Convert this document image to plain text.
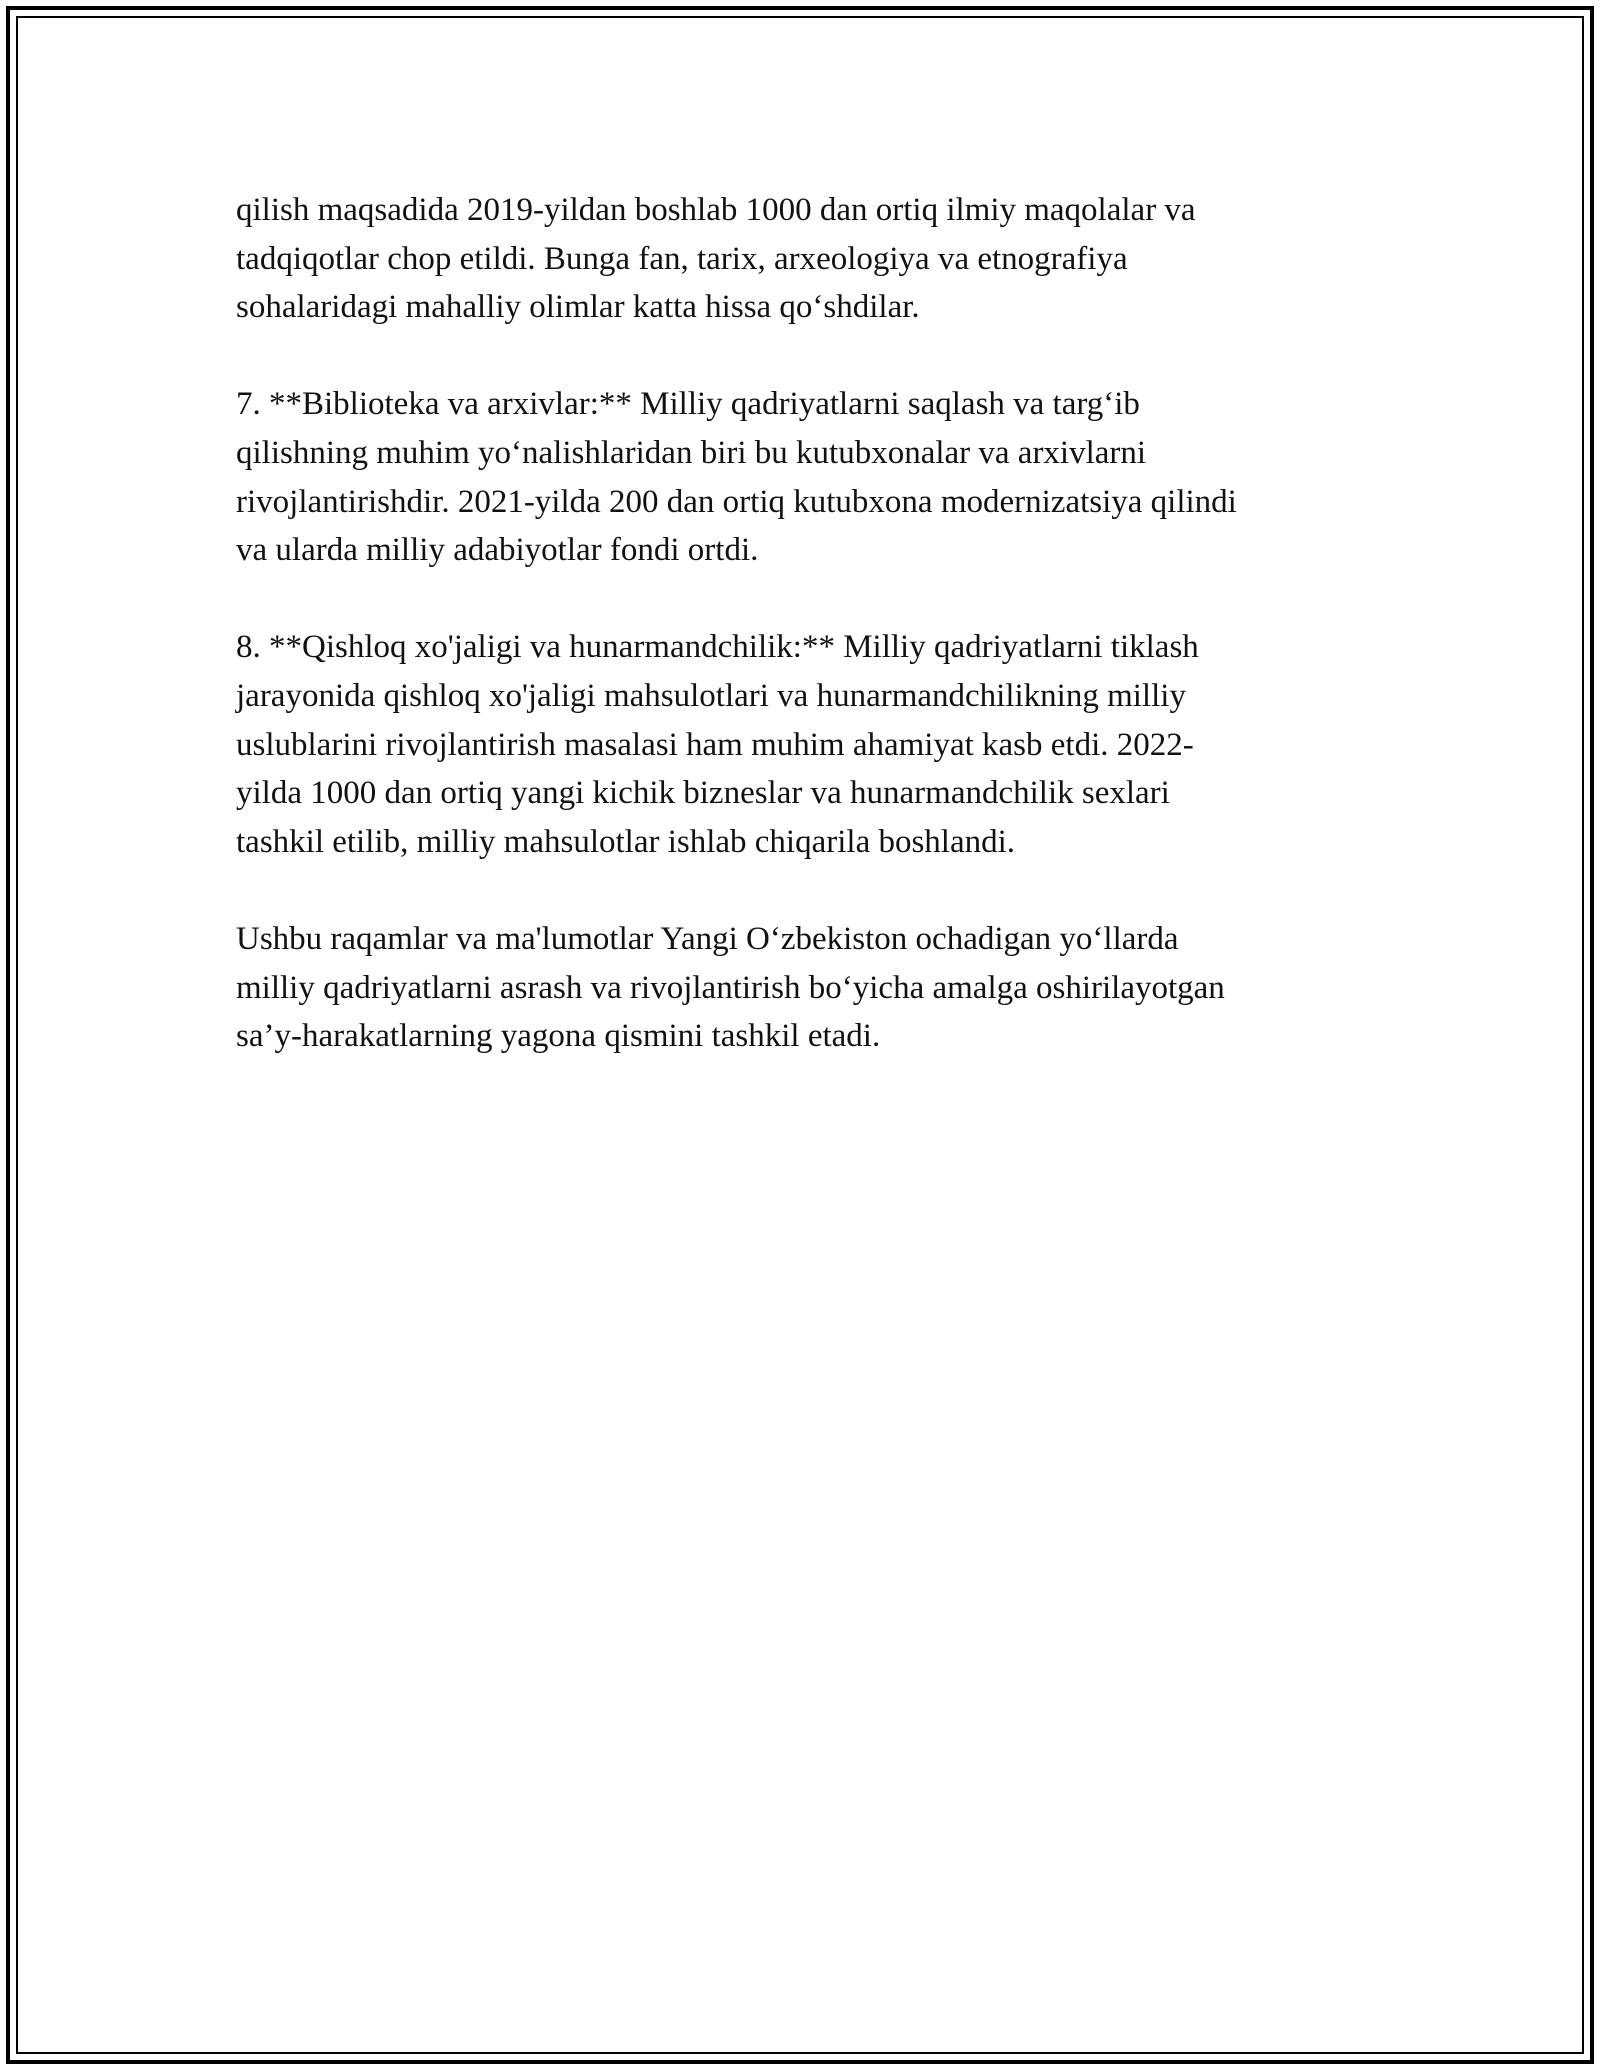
qilish maqsadida 2019-yildan boshlab 1000 dan ortiq ilmiy maqolalar va
tadqiqotlar chop etildi. Bunga fan, tarix, arxeologiya va etnografiya
sohalaridagi mahalliy olimlar katta hissa qo‘shdilar.

7. **Biblioteka va arxivlar:** Milliy qadriyatlarni saqlash va targ‘ib
qilishning muhim yo‘nalishlaridan biri bu kutubxonalar va arxivlarni
rivojlantirishdir. 2021-yilda 200 dan ortiq kutubxona modernizatsiya qilindi
va ularda milliy adabiyotlar fondi ortdi.

8. **Qishloq xo'jaligi va hunarmandchilik:** Milliy qadriyatlarni tiklash
jarayonida qishloq xo'jaligi mahsulotlari va hunarmandchilikning milliy
uslublarini rivojlantirish masalasi ham muhim ahamiyat kasb etdi. 2022-
yilda 1000 dan ortiq yangi kichik bizneslar va hunarmandchilik sexlari
tashkil etilib, milliy mahsulotlar ishlab chiqarila boshlandi.

Ushbu raqamlar va ma'lumotlar Yangi O‘zbekiston ochadigan yo‘llarda
milliy qadriyatlarni asrash va rivojlantirish bo‘yicha amalga oshirilayotgan
sa’y-harakatlarning yagona qismini tashkil etadi.
